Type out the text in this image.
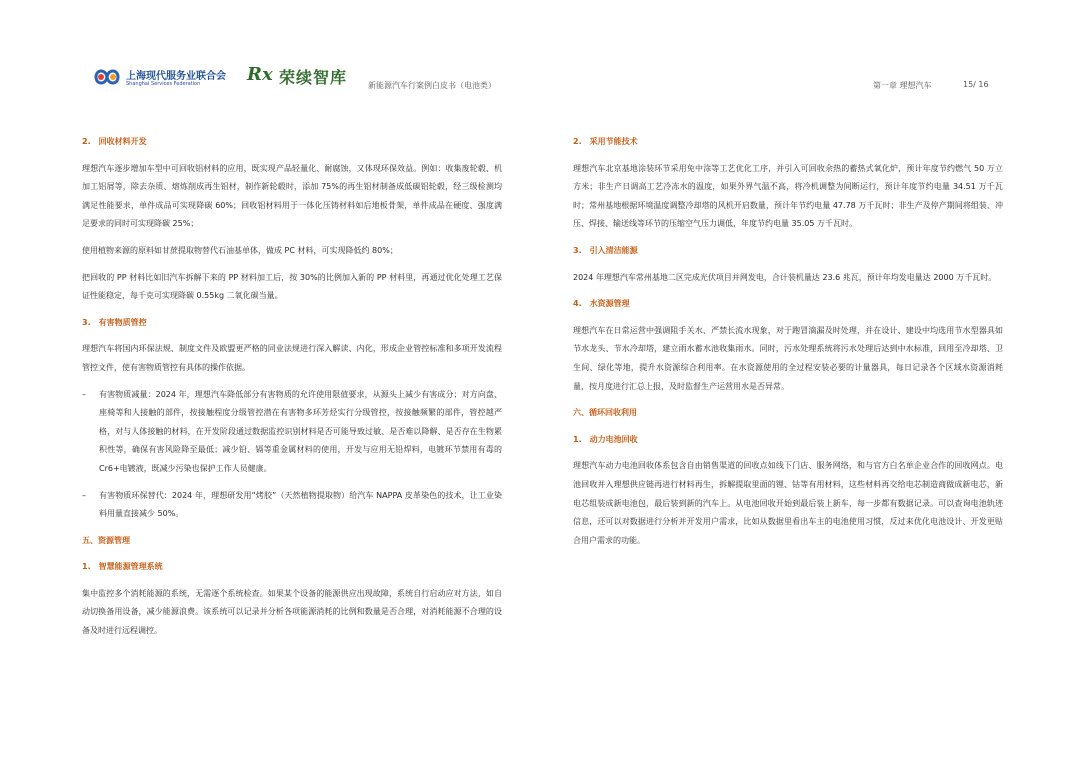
上海现代服务业联合会
Shanghai Services Federation	Rx 荣续智库	新能源汽车行案例白皮书（电池类）	第一章 理想汽车	15/ 16

2.　回收材料开发

理想汽车逐步增加车型中可回收铝材料的应用，既实现产品轻量化、耐腐蚀，又体现环保效益。例如：收集废轮毂、机加工铝屑等，除去杂质、熔炼削成再生铝材，制作新轮毂时，添加 75%的再生铝材制备成低碳铝轮毂，经三级检测均满足性能要求，单件成品可实现降碳 60%；回收铝材料用于一体化压铸材料如后地板骨架，单件成品在硬度、强度满足要求的同时可实现降碳 25%；

使用植物来源的原料如甘蔗提取物替代石油基单体，做成 PC 材料，可实现降低约 80%；

把回收的 PP 材料比如旧汽车拆解下来的 PP 材料加工后，按 30%的比例加入新的 PP 材料里，再通过优化处理工艺保证性能稳定，每千克可实现降碳 0.55kg 二氧化碳当量。

3.　有害物质管控

理想汽车将国内环保法规、制度文件及欧盟更严格的同业法规进行深入解读、内化，形成企业管控标准和多项开发流程管控文件，使有害物质管控有具体的操作依据。

– 有害物质减量：2024 年，理想汽车降低部分有害物质的允许使用限值要求，从源头上减少有害成分；对方向盘、座椅等和人接触的部件，按接触程度分级管控潜在有害物多环芳烃实行分级管控，按接触频繁的部件，管控越严格，对与人体接触的材料，在开发阶段通过数据监控识别材料是否可能导致过敏、是否难以降解、是否存在生物累积性等，确保有害风险降至最低；减少铅、镉等重金属材料的使用，开发与应用无铅焊料，电镀环节禁用有毒的 Cr6+电镀液，既减少污染也保护工作人员健康。
– 有害物质环保替代：2024 年，理想研发用“烤胶”（天然植物提取物）给汽车 NAPPA 皮革染色的技术，让工业染料用量直接减少 50%。

五、资源管理

1.　智慧能源管理系统

集中监控多个消耗能源的系统，无需逐个系统检查。如果某个设备的能源供应出现故障，系统自行启动应对方法，如自动切换备用设备，减少能源浪费。该系统可以记录并分析各项能源消耗的比例和数量是否合理，对消耗能源不合理的设备及时进行远程调控。

2.　采用节能技术

理想汽车北京基地涂装环节采用免中涂等工艺优化工序，并引入可回收余热的蓄热式氧化炉，预计年度节约燃气 50 万立方米；非生产日调高工艺冷冻水的温度，如果外界气温不高，将冷机调整为间断运行，预计年度节约电量 34.51 万千瓦时；常州基地根据环境温度调整冷却塔的风机开启数量，预计年节约电量 47.78 万千瓦时；非生产及停产期间将组装、冲压、焊接、输送线等环节的压缩空气压力调低，年度节约电量 35.05 万千瓦时。

3.　引入清洁能源

2024 年理想汽车常州基地二区完成光伏项目并网发电，合计装机量达 23.6 兆瓦，预计年均发电量达 2000 万千瓦时。

4.　水资源管理

理想汽车在日常运营中强调阻手关水、严禁长流水现象，对于跑冒滴漏及时处理，并在设计、建设中均选用节水型器具如节水龙头、节水冷却塔，建立雨水蓄水池收集雨水。同时，污水处理系统将污水处理后达到中水标准，回用至冷却塔、卫生间、绿化等地，提升水资源综合利用率。在水资源使用的全过程安装必要的计量器具，每日记录各个区域水资源消耗量，按月度进行汇总上报，及时监督生产运营用水是否异常。

六、循环回收利用

1.　动力电池回收

理想汽车动力电池回收体系包含自由销售渠道的回收点如线下门店、服务网络，和与官方白名单企业合作的回收网点。电池回收并入理想供应链再进行材料再生，拆解提取里面的锂、钴等有用材料，这些材料再交给电芯制造商做成新电芯，新电芯组装成新电池包，最后装到新的汽车上。从电池回收开始到最后装上新车，每一步都有数据记录。可以查询电池轨迹信息，还可以对数据进行分析并开发用户需求，比如从数据里看出车主的电池使用习惯，反过来优化电池设计、开发更贴合用户需求的功能。
